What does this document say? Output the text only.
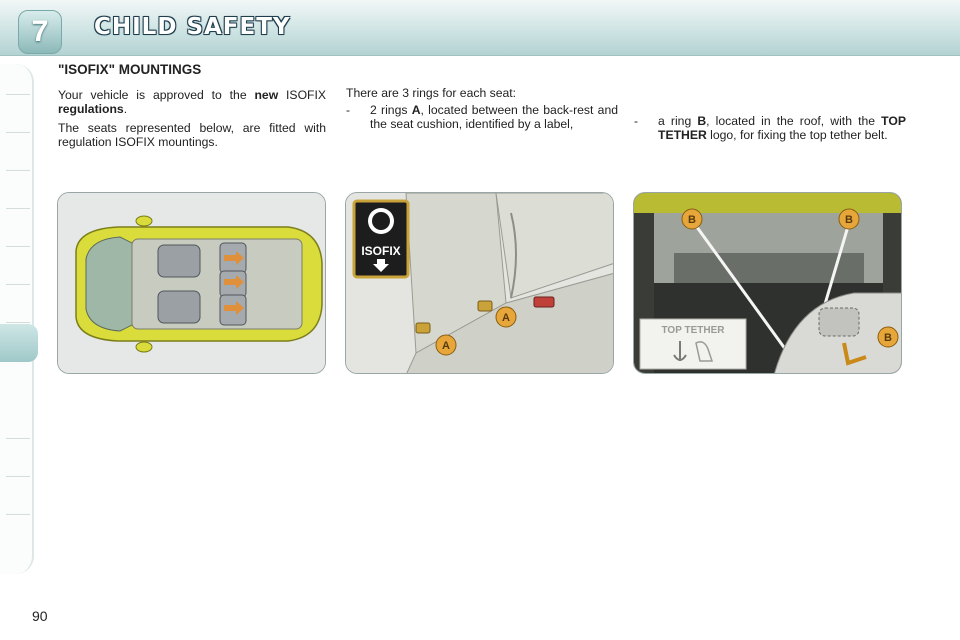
7	CHILD SAFETY
"ISOFIX" MOUNTINGS

Your vehicle is approved to the new ISOFIX regulations.

The seats represented below, are fitted with regulation ISOFIX mountings.

There are 3 rings for each seat:

- 2 rings A, located between the back-rest and the seat cushion, identified by a label,	- a ring B, located in the roof, with the TOP TETHER logo, for fixing the top tether belt.
ISOFIX
A
A
TOP TETHER
B	B
B
90
